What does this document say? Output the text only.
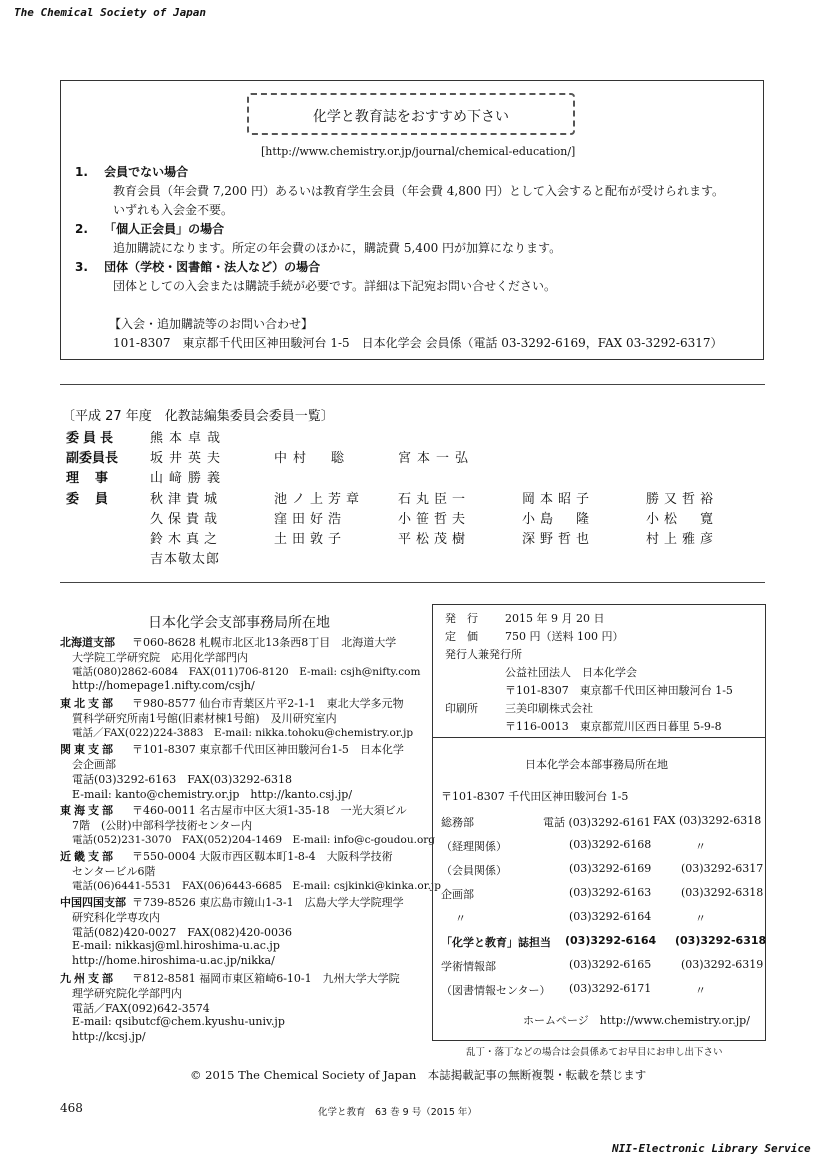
The Chemical Society of Japan
NII-Electronic Library Service
化学と教育誌をおすすめ下さい
[http://www.chemistry.or.jp/journal/chemical-education/]
1. 会員でない場合
教育会員（年会費 7,200 円）あるいは教育学生会員（年会費 4,800 円）として入会すると配布が受けられます。
いずれも入会金不要。
2. 「個人正会員」の場合
追加購読になります。所定の年会費のほかに，購読費 5,400 円が加算になります。
3. 団体（学校・図書館・法人など）の場合
団体としての入会または購読手続が必要です。詳細は下記宛お問い合せください。
【入会・追加購読等のお問い合わせ】
101-8307　東京都千代田区神田駿河台 1-5　日本化学会 会員係（電話 03-3292-6169，FAX 03-3292-6317）
〔平成 27 年度　化教誌編集委員会委員一覧〕
委員長	熊本卓哉
副委員長 坂井英夫	中村　聡	宮本一弘
理事 山﨑勝義
委員 秋津貴城	池ノ上芳章	石丸臣一	岡本昭子	勝又哲裕
久保貴哉	窪田好浩	小笹哲夫	小島　隆	小松　寛
鈴木真之	土田敦子	平松茂樹	深野哲也	村上雅彦
吉本敬太郎
日本化学会支部事務局所在地
北海道支部 〒060-8628 札幌市北区北13条西8丁目　北海道大学
大学院工学研究院　応用化学部門内
電話(080)2862-6084　FAX(011)706-8120　E-mail: csjh@nifty.com
http://homepage1.nifty.com/csjh/
東北支部 〒980-8577 仙台市青葉区片平2-1-1　東北大学多元物
質科学研究所南1号館(旧素材棟1号館)　及川研究室内
電話／FAX(022)224-3883　E-mail: nikka.tohoku@chemistry.or.jp
関東支部 〒101-8307 東京都千代田区神田駿河台1-5　日本化学
会企画部
電話(03)3292-6163　FAX(03)3292-6318
E-mail: kanto@chemistry.or.jp　http://kanto.csj.jp/
東海支部 〒460-0011 名古屋市中区大須1-35-18　一光大須ビル
7階　(公財)中部科学技術センター内
電話(052)231-3070　FAX(052)204-1469　E-mail: info@c-goudou.org
近畿支部 〒550-0004 大阪市西区靱本町1-8-4　大阪科学技術
センタービル6階
電話(06)6441-5531　FAX(06)6443-6685　E-mail: csjkinki@kinka.or.jp
中国四国支部 〒739-8526 東広島市鏡山1-3-1　広島大学大学院理学
研究科化学専攻内
電話(082)420-0027　FAX(082)420-0036
E-mail: nikkasj@ml.hiroshima-u.ac.jp
http://home.hiroshima-u.ac.jp/nikka/
九州支部 〒812-8581 福岡市東区箱崎6-10-1　九州大学大学院
理学研究院化学部門内
電話／FAX(092)642-3574
E-mail: qsibutcf@chem.kyushu-univ.jp
http://kcsj.jp/
発　行 2015 年 9 月 20 日
定　価 750 円（送料 100 円）
発行人兼発行所
公益社団法人　日本化学会
〒101-8307　東京都千代田区神田駿河台 1-5
印刷所 三美印刷株式会社
〒116-0013　東京都荒川区西日暮里 5-9-8
日本化学会本部事務局所在地
〒101-8307 千代田区神田駿河台 1-5
総務部	電話 (03)3292-6161 FAX (03)3292-6318
（経理関係）	(03)3292-6168	〃
（会員関係）	(03)3292-6169	(03)3292-6317
企画部	(03)3292-6163	(03)3292-6318
〃	(03)3292-6164	〃
「化学と教育」誌担当 (03)3292-6164 (03)3292-6318
学術情報部	(03)3292-6165	(03)3292-6319
（図書情報センター） (03)3292-6171	〃
ホームページ　http://www.chemistry.or.jp/
乱丁・落丁などの場合は会員係あてお早目にお申し出下さい
© 2015 The Chemical Society of Japan　本誌掲載記事の無断複製・転載を禁じます
468	化学と教育　63 巻 9 号（2015 年）
